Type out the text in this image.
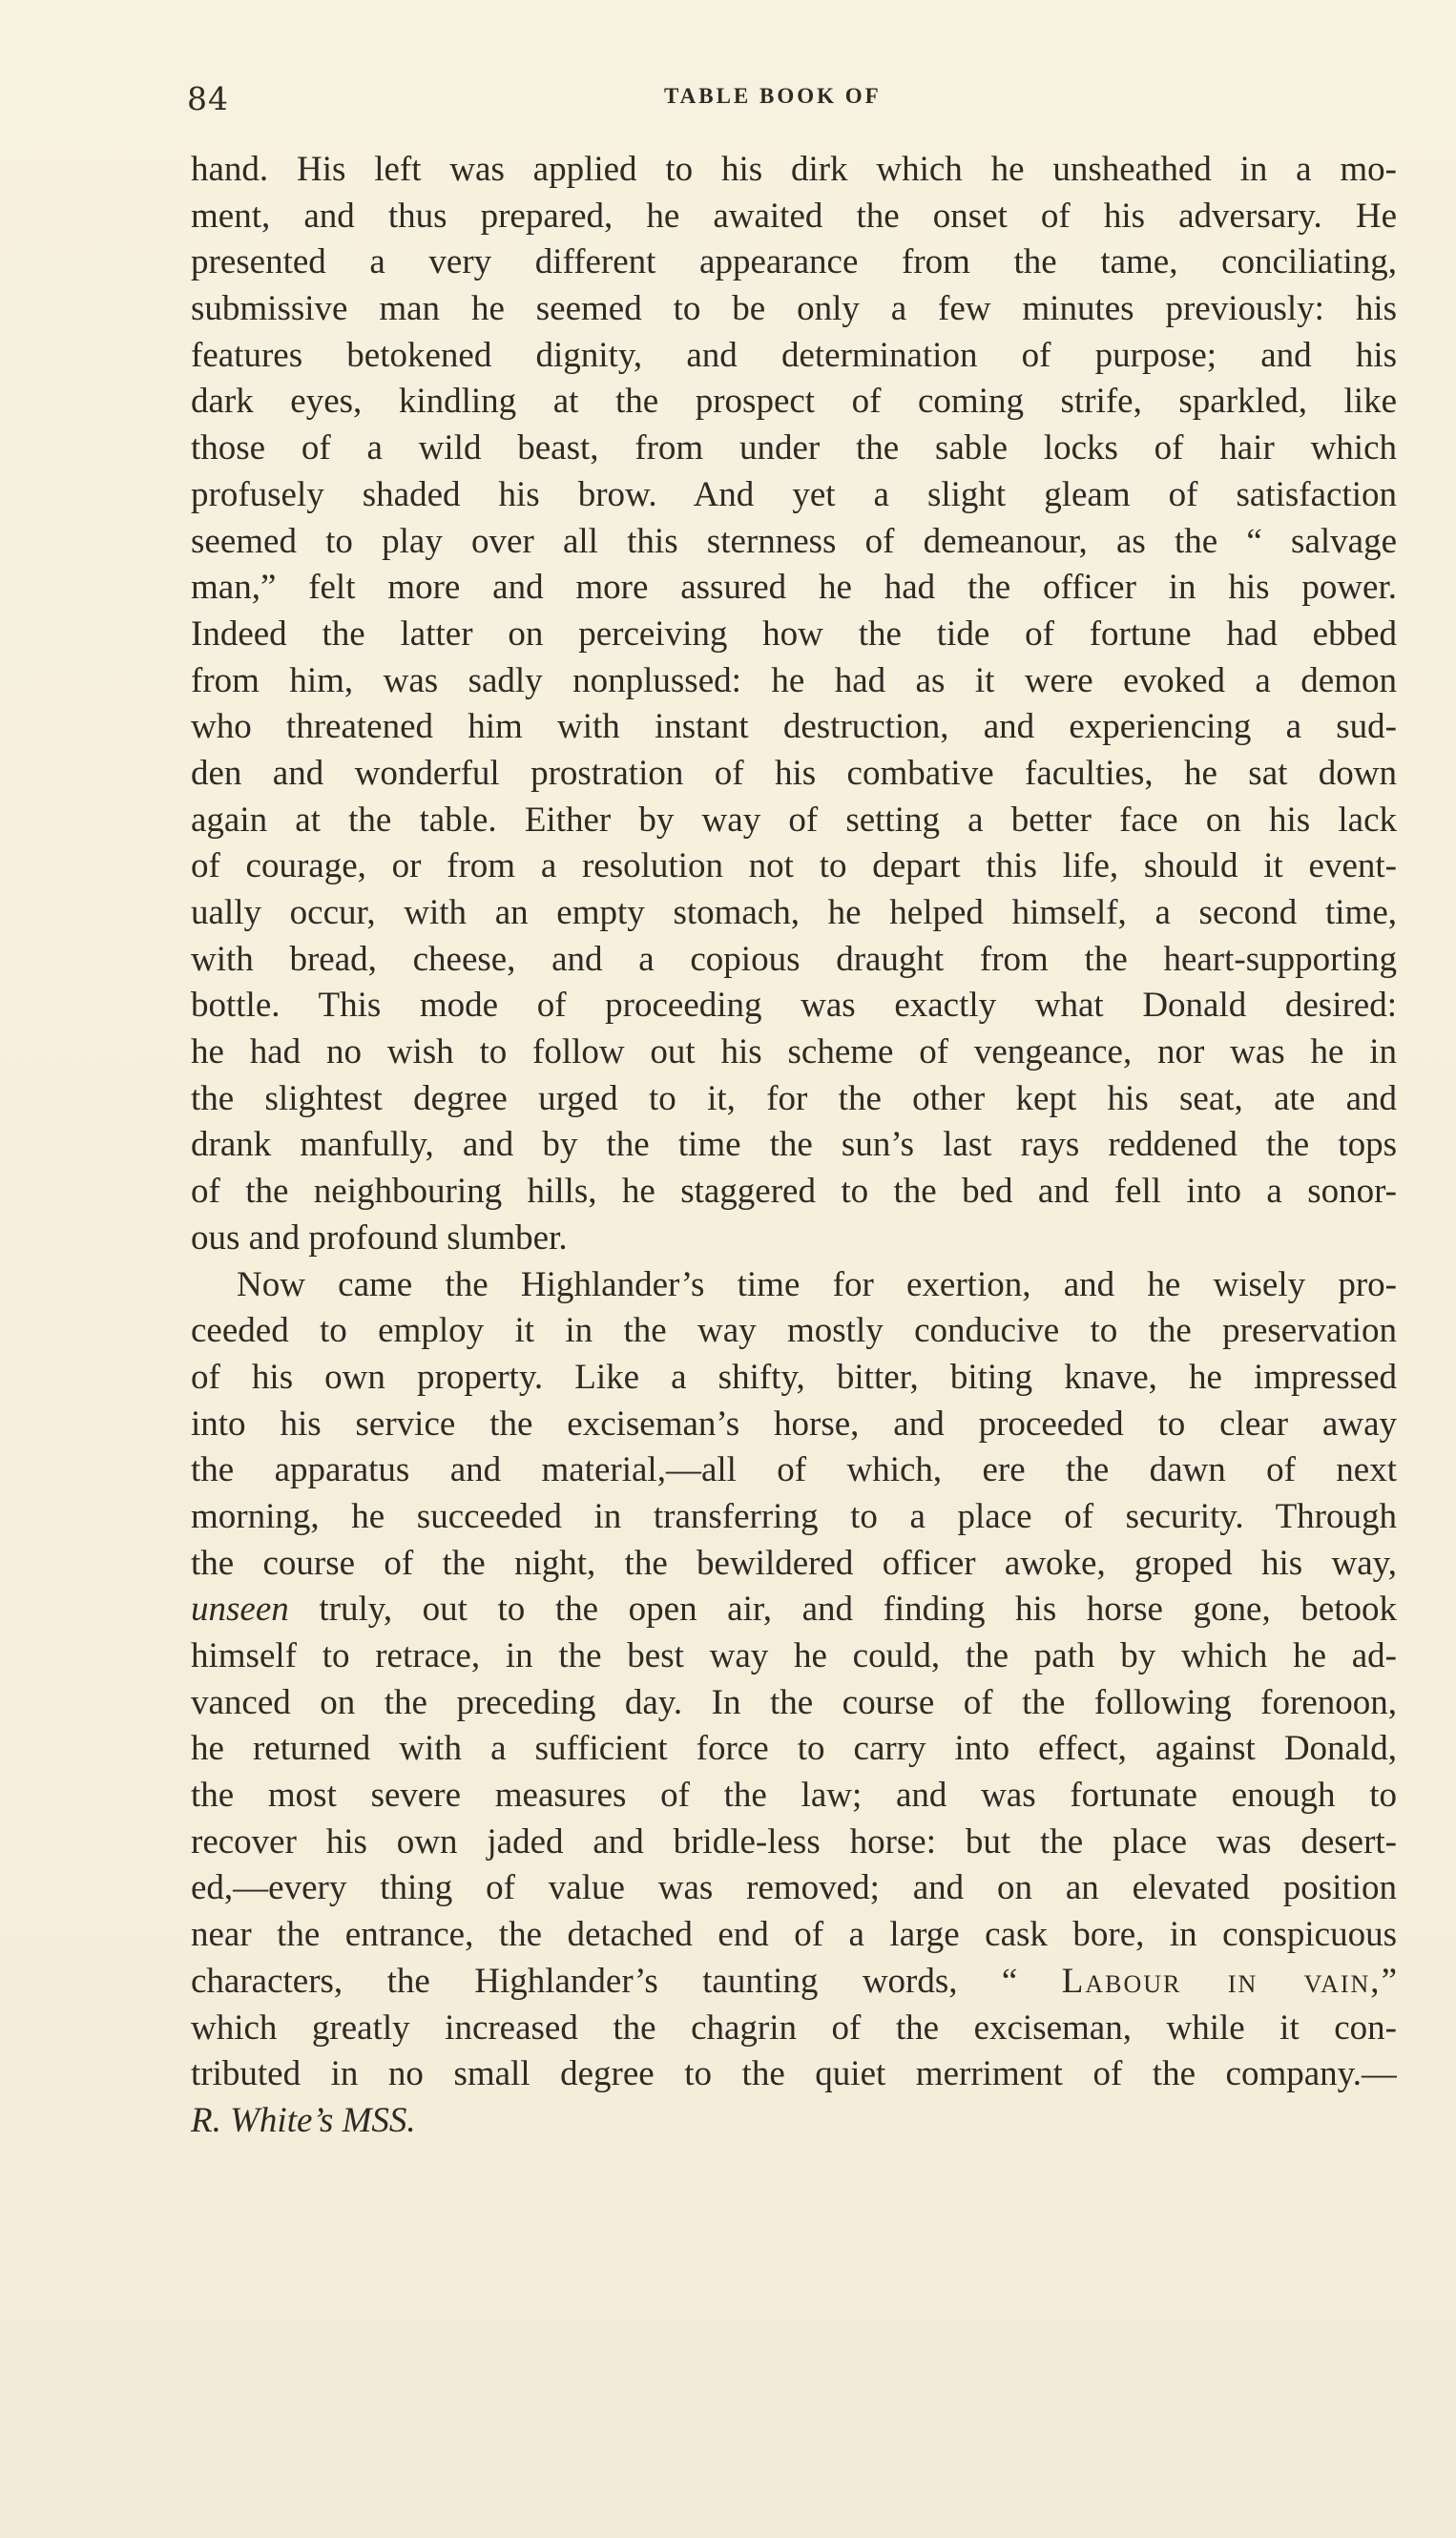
84	TABLE BOOK OF
hand. His left was applied to his dirk which he unsheathed in a mo-
ment, and thus prepared, he awaited the onset of his adversary. He
presented a very different appearance from the tame, conciliating,
submissive man he seemed to be only a few minutes previously: his
features betokened dignity, and determination of purpose; and his
dark eyes, kindling at the prospect of coming strife, sparkled, like
those of a wild beast, from under the sable locks of hair which
profusely shaded his brow. And yet a slight gleam of satisfaction
seemed to play over all this sternness of demeanour, as the “ salvage
man,” felt more and more assured he had the officer in his power.
Indeed the latter on perceiving how the tide of fortune had ebbed
from him, was sadly nonplussed: he had as it were evoked a demon
who threatened him with instant destruction, and experiencing a sud-
den and wonderful prostration of his combative faculties, he sat down
again at the table. Either by way of setting a better face on his lack
of courage, or from a resolution not to depart this life, should it event-
ually occur, with an empty stomach, he helped himself, a second time,
with bread, cheese, and a copious draught from the heart-supporting
bottle. This mode of proceeding was exactly what Donald desired:
he had no wish to follow out his scheme of vengeance, nor was he in
the slightest degree urged to it, for the other kept his seat, ate and
drank manfully, and by the time the sun’s last rays reddened the tops
of the neighbouring hills, he staggered to the bed and fell into a sonor-
ous and profound slumber.
Now came the Highlander’s time for exertion, and he wisely pro-
ceeded to employ it in the way mostly conducive to the preservation
of his own property. Like a shifty, bitter, biting knave, he impressed
into his service the exciseman’s horse, and proceeded to clear away
the apparatus and material,—all of which, ere the dawn of next
morning, he succeeded in transferring to a place of security. Through
the course of the night, the bewildered officer awoke, groped his way,
unseen truly, out to the open air, and finding his horse gone, betook
himself to retrace, in the best way he could, the path by which he ad-
vanced on the preceding day. In the course of the following forenoon,
he returned with a sufficient force to carry into effect, against Donald,
the most severe measures of the law; and was fortunate enough to
recover his own jaded and bridle-less horse: but the place was desert-
ed,—every thing of value was removed; and on an elevated position
near the entrance, the detached end of a large cask bore, in conspicuous
characters, the Highlander’s taunting words, “ Labour in vain,”
which greatly increased the chagrin of the exciseman, while it con-
tributed in no small degree to the quiet merriment of the company.—
R. White’s MSS.
